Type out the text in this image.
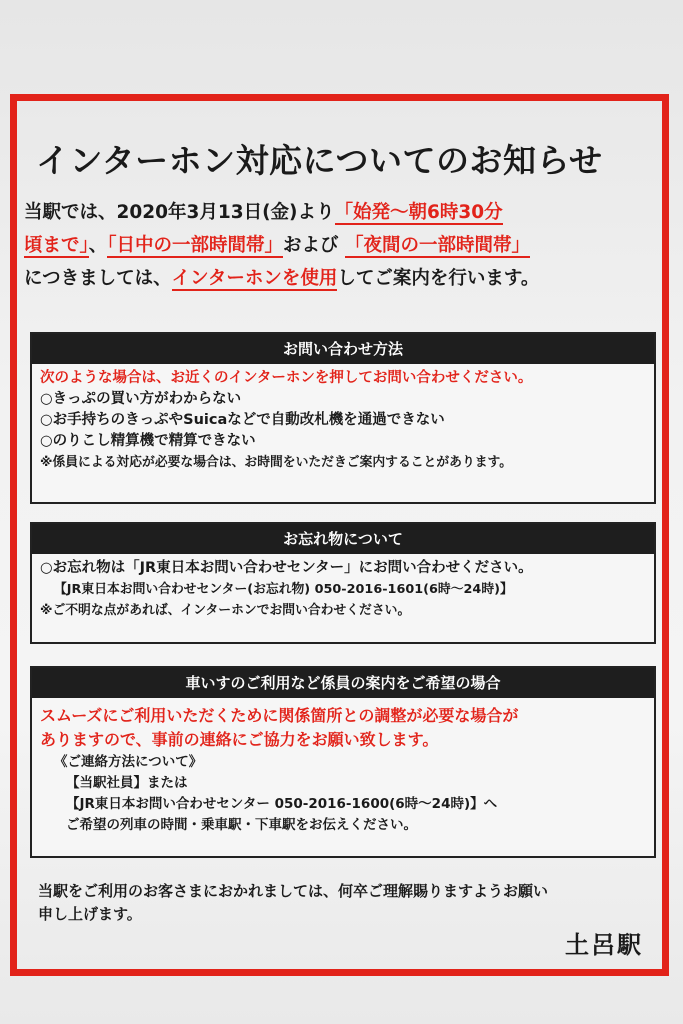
インターホン対応についてのお知らせ
当駅では、2020年3月13日(金)より「始発〜朝6時30分
頃まで」、「日中の一部時間帯」および 「夜間の一部時間帯」
につきましては、インターホンを使用してご案内を行います。
お問い合わせ方法
次のような場合は、お近くのインターホンを押してお問い合わせください。
○きっぷの買い方がわからない
○お手持ちのきっぷやSuicaなどで自動改札機を通過できない
○のりこし精算機で精算できない
※係員による対応が必要な場合は、お時間をいただきご案内することがあります。
お忘れ物について
○お忘れ物は「JR東日本お問い合わせセンター」にお問い合わせください。
【JR東日本お問い合わせセンター(お忘れ物) 050-2016-1601(6時〜24時)】
※ご不明な点があれば、インターホンでお問い合わせください。
車いすのご利用など係員の案内をご希望の場合
スムーズにご利用いただくために関係箇所との調整が必要な場合が
ありますので、事前の連絡にご協力をお願い致します。
《ご連絡方法について》
【当駅社員】または
【JR東日本お問い合わせセンター 050-2016-1600(6時〜24時)】へ
ご希望の列車の時間・乗車駅・下車駅をお伝えください。
当駅をご利用のお客さまにおかれましては、何卒ご理解賜りますようお願い
申し上げます。
土呂駅
